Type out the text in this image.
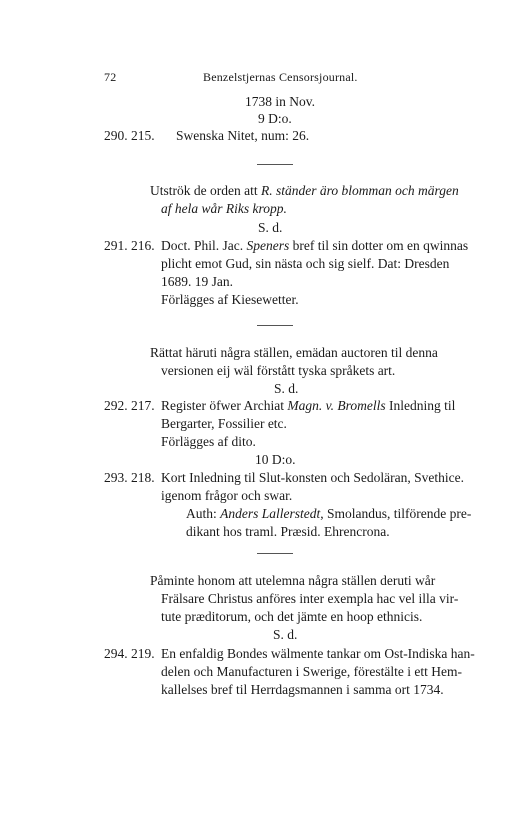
72	Benzelstjernas Censorsjournal.
1738 in Nov.
9 D:o.
290. 215. Swenska Nitet, num: 26.
Utströk de orden att R. ständer äro blomman och märgen
af hela wår Riks kropp.
S. d.
291. 216. Doct. Phil. Jac. Speners bref til sin dotter om en qwinnas
plicht emot Gud, sin nästa och sig sielf. Dat: Dresden
1689. 19 Jan.
Förlägges af Kiesewetter.
Rättat häruti några ställen, emädan auctoren til denna
versionen eij wäl förstått tyska språkets art.
S. d.
292. 217. Register öfwer Archiat Magn. v. Bromells Inledning til
Bergarter, Fossilier etc.
Förlägges af dito.
10 D:o.
293. 218. Kort Inledning til Slut-konsten och Sedoläran, Svethice.
igenom frågor och swar.
Auth: Anders Lallerstedt, Smolandus, tilförende pre-
dikant hos traml. Præsid. Ehrencrona.
Påminte honom att utelemna några ställen deruti wår
Frälsare Christus anföres inter exempla hac vel illa vir-
tute præditorum, och det jämte en hoop ethnicis.
S. d.
294. 219. En enfaldig Bondes wälmente tankar om Ost-Indiska han-
delen och Manufacturen i Swerige, förestälte i ett Hem-
kallelses bref til Herrdagsmannen i samma ort 1734.
